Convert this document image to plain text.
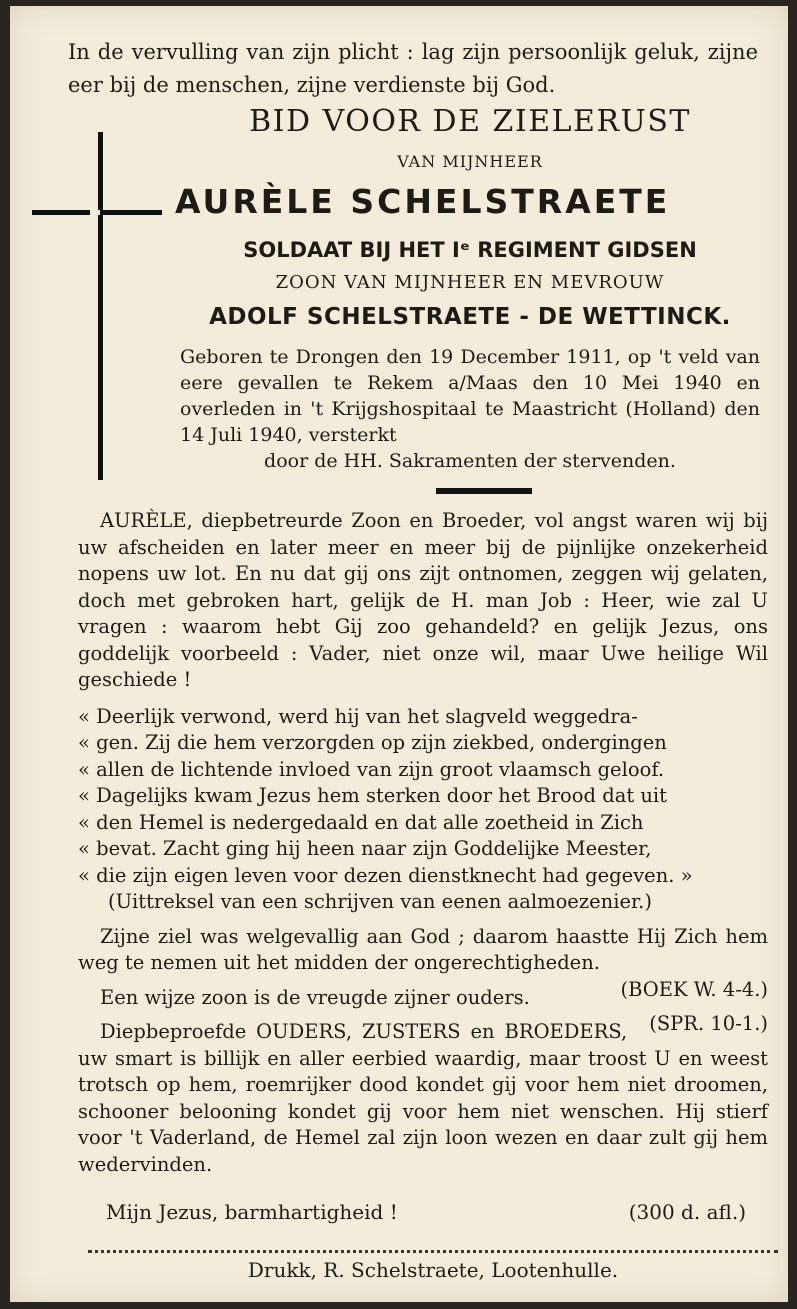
In de vervulling van zijn plicht : lag zijn persoonlijk geluk, zijne eer bij de menschen, zijne verdienste bij God.
BID VOOR DE ZIELERUST
VAN MIJNHEER
AURÈLE SCHELSTRAETE
SOLDAAT BIJ HET Iᵉ REGIMENT GIDSEN
ZOON VAN MIJNHEER EN MEVROUW
ADOLF SCHELSTRAETE - DE WETTINCK.
Geboren te Drongen den 19 December 1911, op 't veld van eere gevallen te Rekem a/Maas den 10 Mei 1940 en overleden in 't Krijgshospitaal te Maastricht (Holland) den 14 Juli 1940, versterkt
door de HH. Sakramenten der stervenden.

AURÈLE, diepbetreurde Zoon en Broeder, vol angst waren wij bij uw afscheiden en later meer en meer bij de pijnlijke onzekerheid nopens uw lot. En nu dat gij ons zijt ontnomen, zeggen wij gelaten, doch met gebroken hart, gelijk de H. man Job : Heer, wie zal U vragen : waarom hebt Gij zoo gehandeld? en gelijk Jezus, ons goddelijk voorbeeld : Vader, niet onze wil, maar Uwe heilige Wil geschiede !

« Deerlijk verwond, werd hij van het slagveld weggedra-
« gen. Zij die hem verzorgden op zijn ziekbed, ondergingen
« allen de lichtende invloed van zijn groot vlaamsch geloof.
« Dagelijks kwam Jezus hem sterken door het Brood dat uit
« den Hemel is nedergedaald en dat alle zoetheid in Zich
« bevat. Zacht ging hij heen naar zijn Goddelijke Meester,
« die zijn eigen leven voor dezen dienstknecht had gegeven. »
(Uittreksel van een schrijven van eenen aalmoezenier.)

Zijne ziel was welgevallig aan God ; daarom haastte Hij Zich hem weg te nemen uit het midden der ongerechtigheden.
(BOEK W. 4-4.)

Een wijze zoon is de vreugde zijner ouders.
(SPR. 10-1.)

Diepbeproefde OUDERS, ZUSTERS en BROEDERS, uw smart is billijk en aller eerbied waardig, maar troost U en weest trotsch op hem, roemrijker dood kondet gij voor hem niet droomen, schooner belooning kondet gij voor hem niet wenschen. Hij stierf voor 't Vaderland, de Hemel zal zijn loon wezen en daar zult gij hem wedervinden.

Mijn Jezus, barmhartigheid !	(300 d. afl.)
Drukk, R. Schelstraete, Lootenhulle.
